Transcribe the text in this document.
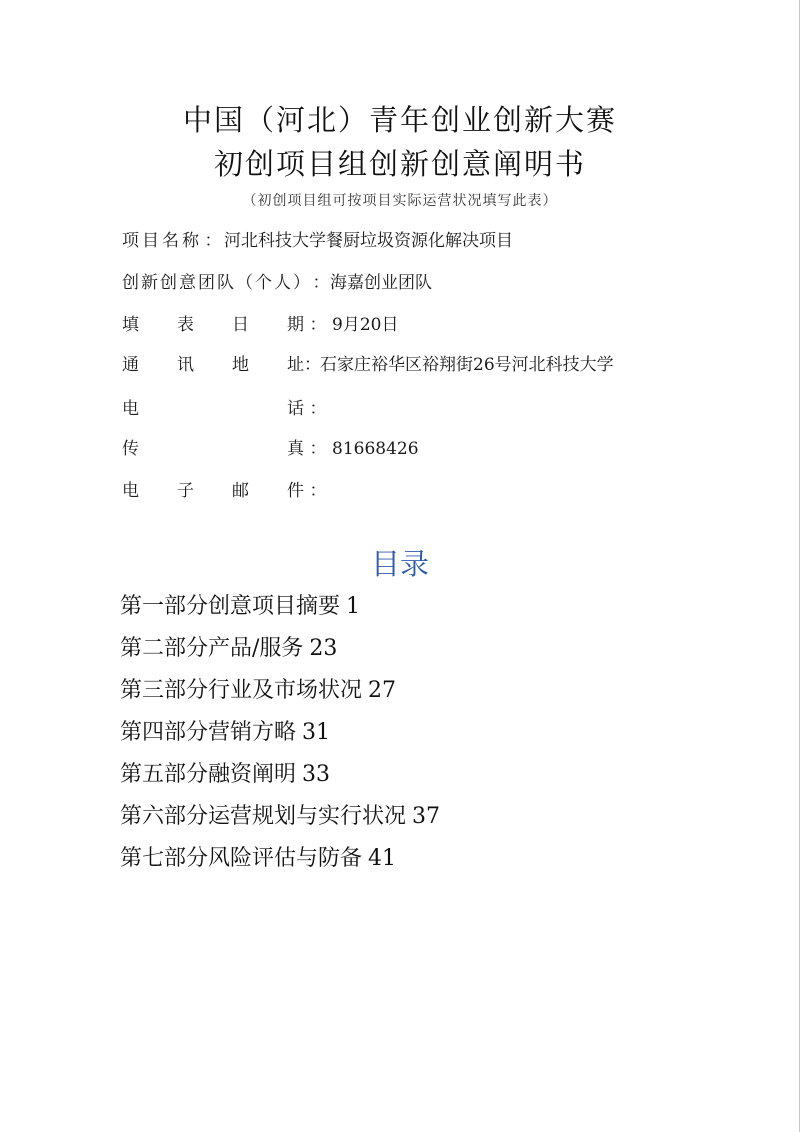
中国（河北）青年创业创新大赛
初创项目组创新创意阐明书
（初创项目组可按项目实际运营状况填写此表）
项目名称 ： 河北科技大学餐厨垃圾资源化解决项目
创新创意团队（个人）：海嘉创业团队
填 表 日 期 ： 9月20日
通 讯 地 址 ：石家庄裕华区裕翔街26号河北科技大学
电	话 ：
传	真 ： 81668426
电 子 邮 件 ：
目录
第一部分创意项目摘要 1
第二部分产品/服务 23
第三部分行业及市场状况 27
第四部分营销方略 31
第五部分融资阐明 33
第六部分运营规划与实行状况 37
第七部分风险评估与防备 41
